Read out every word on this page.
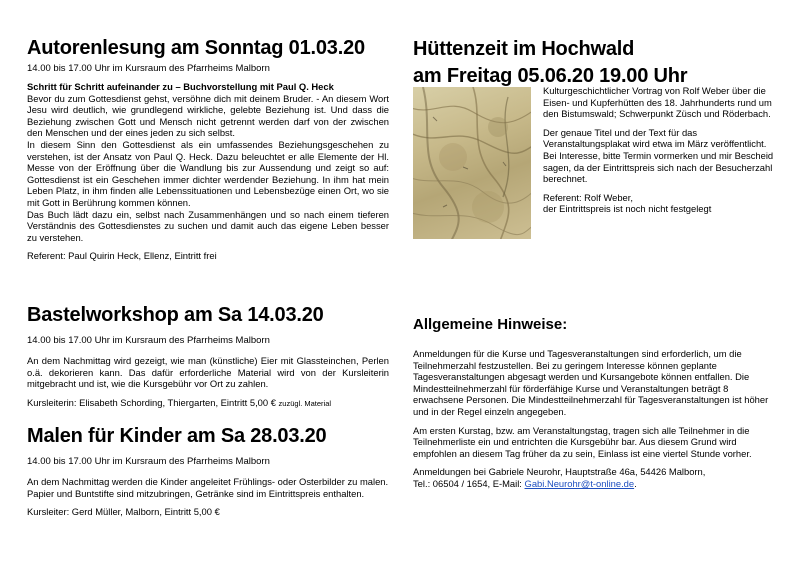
Autorenlesung am Sonntag 01.03.20
14.00 bis 17.00 Uhr im Kursraum des Pfarrheims Malborn

Schritt für Schritt aufeinander zu – Buchvorstellung mit Paul Q. Heck

Bevor du zum Gottesdienst gehst, versöhne dich mit deinem Bruder. - An diesem Wort Jesu wird deutlich, wie grundlegend wirkliche, gelebte Beziehung ist. Und dass die Beziehung zwischen Gott und Mensch nicht getrennt werden darf von der zwischen den Menschen und der eines jeden zu sich selbst.

In diesem Sinn den Gottesdienst als ein umfassendes Beziehungsgeschehen zu verstehen, ist der Ansatz von Paul Q. Heck. Dazu beleuchtet er alle Elemente der Hl. Messe von der Eröffnung über die Wandlung bis zur Aussendung und zeigt so auf: Gottesdienst ist ein Geschehen immer dichter werdender Beziehung. In ihm hat mein Leben Platz, in ihm finden alle Lebenssituationen und Lebensbezüge einen Ort, wo sie mit Gott in Berührung kommen können.

Das Buch lädt dazu ein, selbst nach Zusammenhängen und so nach einem tieferen Verständnis des Gottesdienstes zu suchen und damit auch das eigene Leben besser zu verstehen.

Referent: Paul Quirin Heck, Ellenz, Eintritt frei

Bastelworkshop am Sa 14.03.20
14.00 bis 17.00 Uhr im Kursraum des Pfarrheims Malborn

An dem Nachmittag wird gezeigt, wie man (künstliche) Eier mit Glassteinchen, Perlen o.ä. dekorieren kann. Das dafür erforderliche Material wird von der Kursleiterin mitgebracht und ist, wie die Kursgebühr vor Ort zu zahlen.

Kursleiterin: Elisabeth Schording, Thiergarten, Eintritt 5,00 € zuzügl. Material

Malen für Kinder am Sa 28.03.20
14.00 bis 17.00 Uhr im Kursraum des Pfarrheims Malborn

An dem Nachmittag werden die Kinder angeleitet Frühlings- oder Osterbilder zu malen. Papier und Buntstifte sind mitzubringen, Getränke sind im Eintrittspreis enthalten.

Kursleiter: Gerd Müller, Malborn, Eintritt 5,00 €

Hüttenzeit im Hochwald
am Freitag 05.06.20 19.00 Uhr

Kulturgeschichtlicher Vortrag von Rolf Weber über die Eisen- und Kupferhütten des 18. Jahrhunderts rund um den Bistumswald; Schwerpunkt Züsch und Röderbach.

Der genaue Titel und der Text für das Veranstaltungsplakat wird etwa im März veröffentlicht. Bei Interesse, bitte Termin vormerken und mir Bescheid sagen, da der Eintrittspreis sich nach der Besucherzahl berechnet.

Referent: Rolf Weber,

der Eintrittspreis ist noch nicht festgelegt

Allgemeine Hinweise:

Anmeldungen für die Kurse und Tagesveranstaltungen sind erforderlich, um die Teilnehmerzahl festzustellen. Bei zu geringem Interesse können geplante Tagesveranstaltungen abgesagt werden und Kursangebote können entfallen. Die Mindestteilnehmerzahl für förderfähige Kurse und Veranstaltungen beträgt 8 erwachsene Personen. Die Mindestteilnehmerzahl für Tagesveranstaltungen ist höher und in der Regel einzeln angegeben.

Am ersten Kurstag, bzw. am Veranstaltungstag, tragen sich alle Teilnehmer in die Teilnehmerliste ein und entrichten die Kursgebühr bar. Aus diesem Grund wird empfohlen an diesem Tag früher da zu sein, Einlass ist eine viertel Stunde vorher.

Anmeldungen bei Gabriele Neurohr, Hauptstraße 46a, 54426 Malborn,

Tel.: 06504 / 1654, E-Mail: Gabi.Neurohr@t-online.de.
